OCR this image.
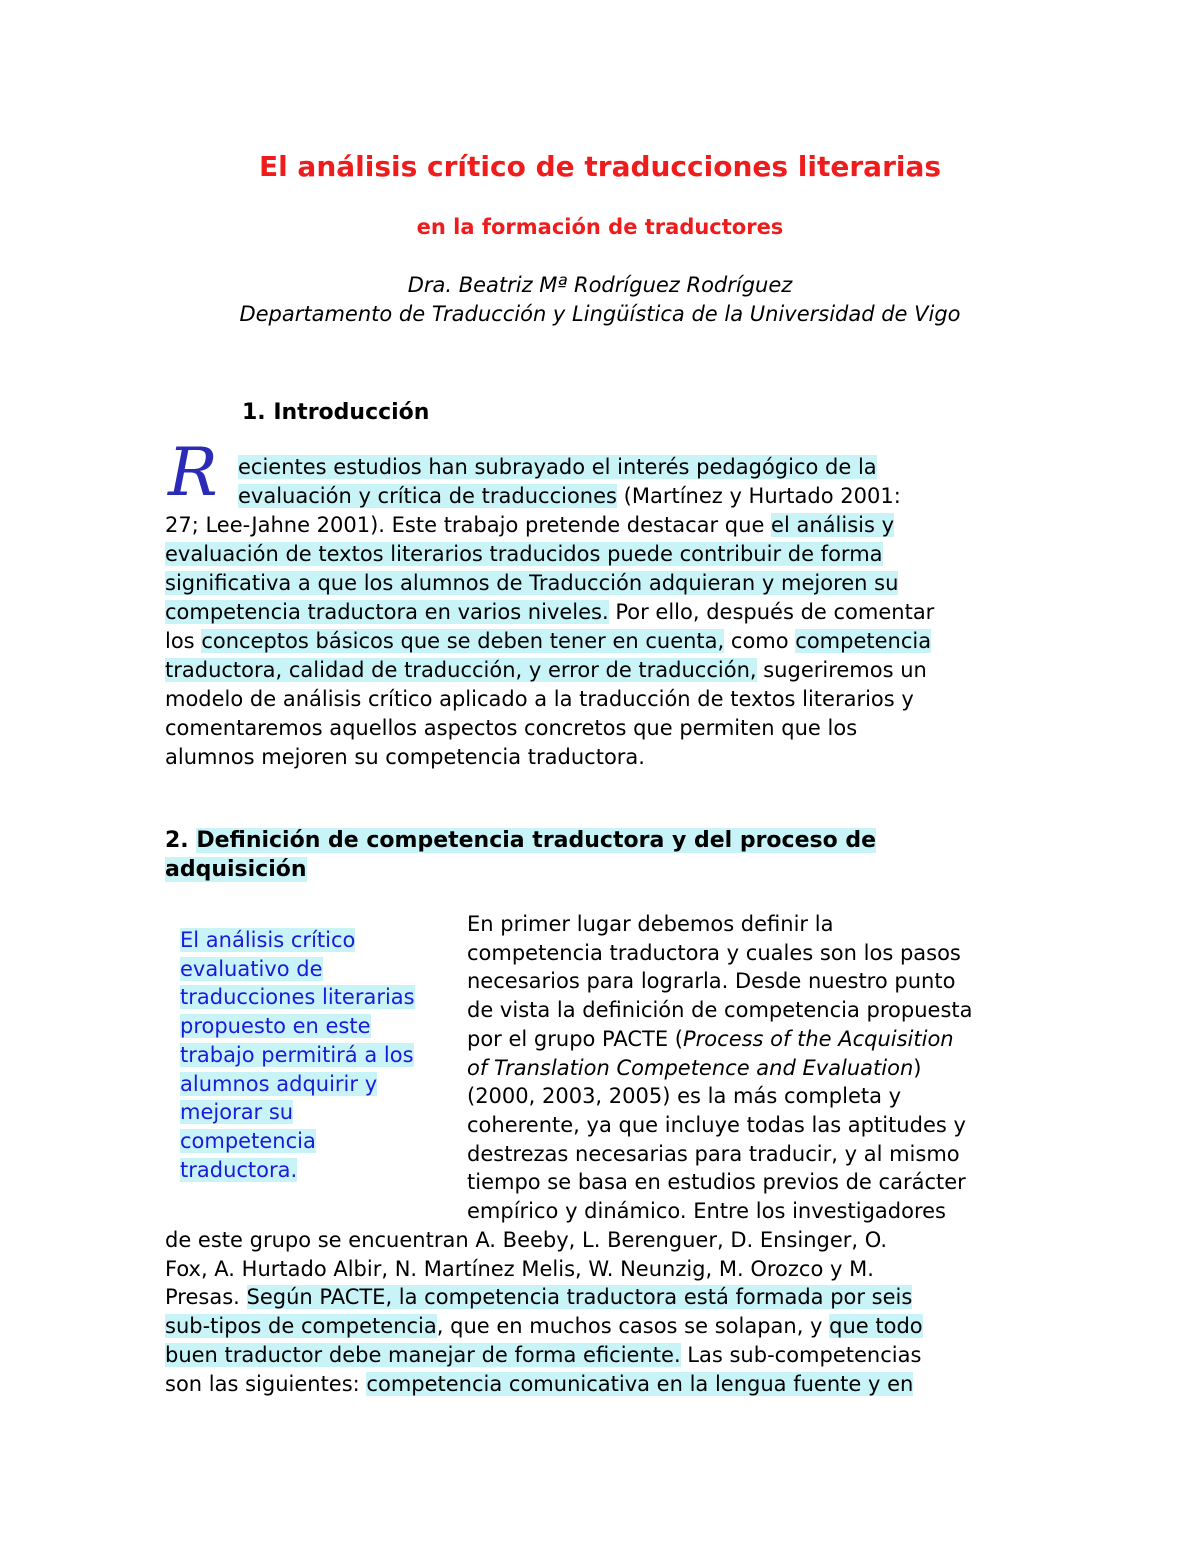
El análisis crítico de traducciones literarias
en la formación de traductores

Dra. Beatriz Mª Rodríguez Rodríguez

Departamento de Traducción y Lingüística de la Universidad de Vigo

1. Introducción
R ecientes estudios han subrayado el interés pedagógico de la
evaluación y crítica de traducciones (Martínez y Hurtado 2001:
27; Lee-Jahne 2001). Este trabajo pretende destacar que el análisis y
evaluación de textos literarios traducidos puede contribuir de forma
significativa a que los alumnos de Traducción adquieran y mejoren su
competencia traductora en varios niveles. Por ello, después de comentar
los conceptos básicos que se deben tener en cuenta, como competencia
traductora, calidad de traducción, y error de traducción, sugeriremos un
modelo de análisis crítico aplicado a la traducción de textos literarios y
comentaremos aquellos aspectos concretos que permiten que los
alumnos mejoren su competencia traductora.
2. Definición de competencia traductora y del proceso de
adquisición
El análisis crítico
evaluativo de
traducciones literarias
propuesto en este
trabajo permitirá a los
alumnos adquirir y
mejorar su
competencia
traductora.
En primer lugar debemos definir la
competencia traductora y cuales son los pasos
necesarios para lograrla. Desde nuestro punto
de vista la definición de competencia propuesta
por el grupo PACTE (Process of the Acquisition
of Translation Competence and Evaluation)
(2000, 2003, 2005) es la más completa y
coherente, ya que incluye todas las aptitudes y
destrezas necesarias para traducir, y al mismo
tiempo se basa en estudios previos de carácter
empírico y dinámico. Entre los investigadores
de este grupo se encuentran A. Beeby, L. Berenguer, D. Ensinger, O.
Fox, A. Hurtado Albir, N. Martínez Melis, W. Neunzig, M. Orozco y M.
Presas. Según PACTE, la competencia traductora está formada por seis
sub-tipos de competencia, que en muchos casos se solapan, y que todo
buen traductor debe manejar de forma eficiente. Las sub-competencias
son las siguientes: competencia comunicativa en la lengua fuente y en
